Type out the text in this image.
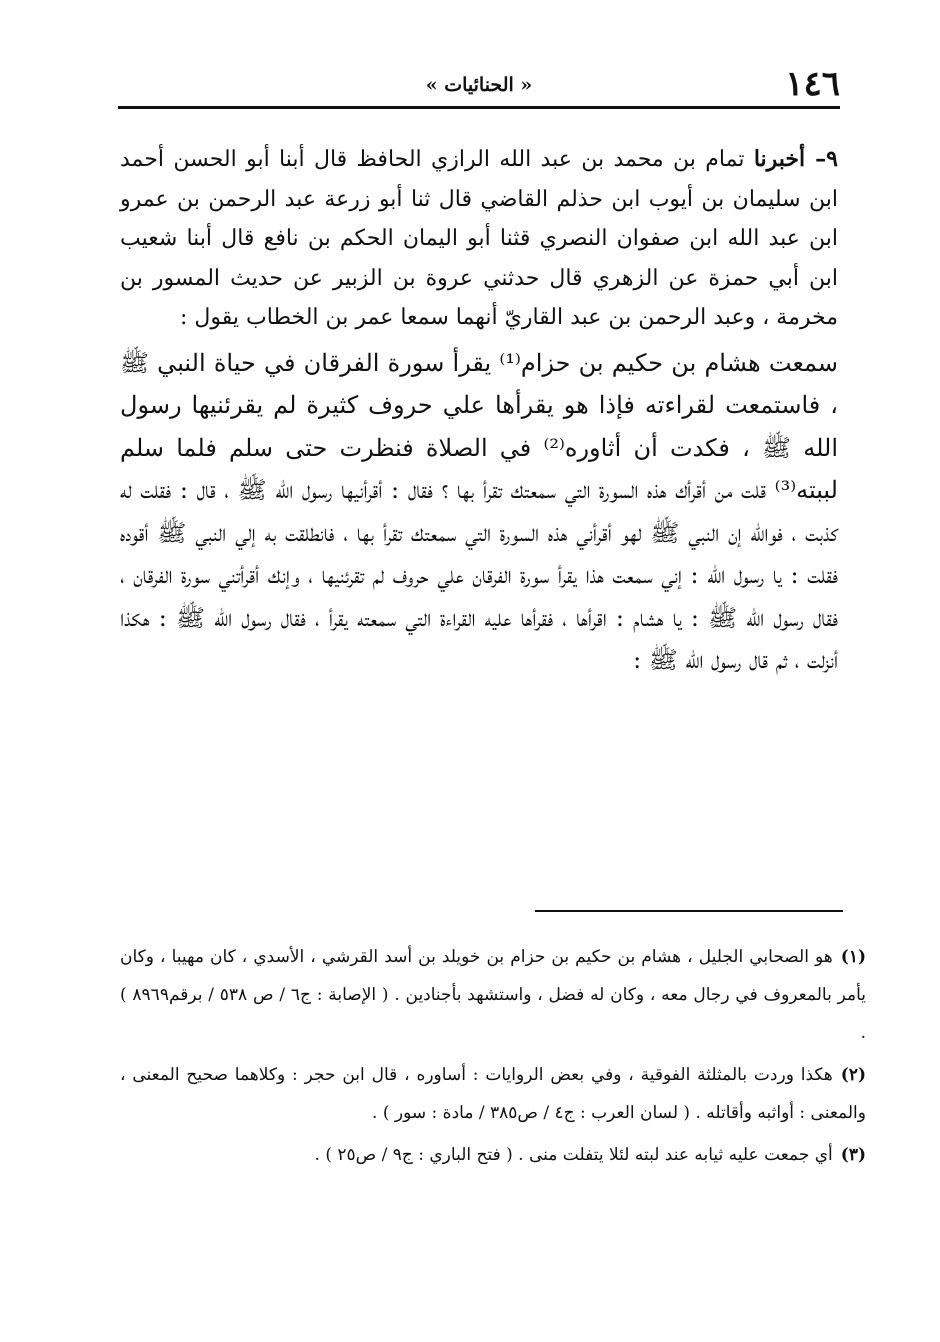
١٤٦
« الحنائيات »

٩– أخبرنا تمام بن محمد بن عبد الله الرازي الحافظ قال أبنا أبو الحسن أحمد ابن سليمان بن أيوب ابن حذلم القاضي قال ثنا أبو زرعة عبد الرحمن بن عمرو ابن عبد الله ابن صفوان النصري قثنا أبو اليمان الحكم بن نافع قال أبنا شعيب ابن أبي حمزة عن الزهري قال حدثني عروة بن الزبير عن حديث المسور بن مخرمة ، وعبد الرحمن بن عبد القاريّ أنهما سمعا عمر بن الخطاب يقول :

سمعت هشام بن حكيم بن حزام⁽¹⁾ يقرأ سورة الفرقان في حياة النبي ﷺ ، فاستمعت لقراءته فإذا هو يقرأها علي حروف كثيرة لم يقرئنيها رسول الله ﷺ ، فكدت أن أثاوره⁽²⁾ في الصلاة فنظرت حتى سلم فلما سلم لببته⁽³⁾ قلت من أقرأك هذه السورة التي سمعتك تقرأ بها ؟ فقال : أقرأنيها رسول الله ﷺ ، قال : فقلت له كذبت ، فوالله إن النبي ﷺ لهو أقرأني هذه السورة التي سمعتك تقرأ بها ، فانطلقت به إلي النبي ﷺ أقوده فقلت : يا رسول الله : إني سمعت هذا يقرأ سورة الفرقان علي حروف لم تقرئنيها ، وإنك أقرأتني سورة الفرقان ، فقال رسول الله ﷺ : يا هشام : اقرأها ، فقرأها عليه القراءة التي سمعته يقرأ ، فقال رسول الله ﷺ : هكذا أنزلت ، ثم قال رسول الله ﷺ :

(١)هو الصحابي الجليل ، هشام بن حكيم بن حزام بن خويلد بن أسد القرشي ، الأسدي ، كان مهيبا ، وكان يأمر بالمعروف في رجال معه ، وكان له فضل ، واستشهد بأجنادين . ( الإصابة : ج٦ / ص ٥٣٨ / برقم٨٩٦٩ ) .

(٢)هكذا وردت بالمثلثة الفوقية ، وفي بعض الروايات : أساوره ، قال ابن حجر : وكلاهما صحيح المعنى ، والمعنى : أواثبه وأقاتله . ( لسان العرب : ج٤ / ص٣٨٥ / مادة : سور ) .

(٣)أي جمعت عليه ثيابه عند لبته لئلا يتفلت منى . ( فتح الباري : ج٩ / ص٢٥ ) .
